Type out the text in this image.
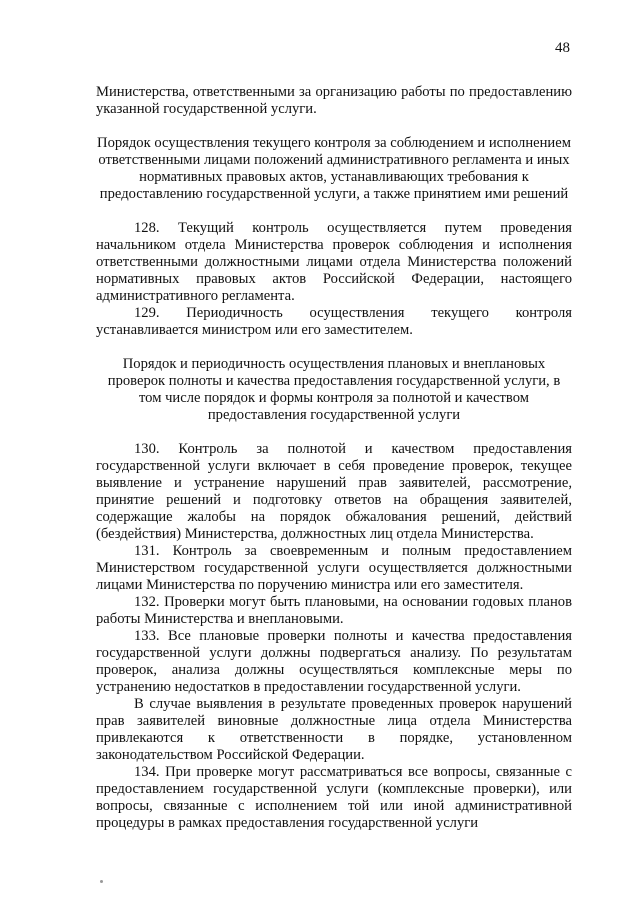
48

Министерства, ответственными за организацию работы по предоставлению указанной государственной услуги.

Порядок осуществления текущего контроля за соблюдением и исполнением ответственными лицами положений административного регламента и иных нормативных правовых актов, устанавливающих требования к предоставлению государственной услуги, а также принятием ими решений

128. Текущий контроль осуществляется путем проведения начальником отдела Министерства проверок соблюдения и исполнения ответственными должностными лицами отдела Министерства положений нормативных правовых актов Российской Федерации, настоящего административного регламента.

129. Периодичность осуществления текущего контроля устанавливается министром или его заместителем.

Порядок и периодичность осуществления плановых и внеплановых проверок полноты и качества предоставления государственной услуги, в том числе порядок и формы контроля за полнотой и качеством предоставления государственной услуги

130. Контроль за полнотой и качеством предоставления государственной услуги включает в себя проведение проверок, текущее выявление и устранение нарушений прав заявителей, рассмотрение, принятие решений и подготовку ответов на обращения заявителей, содержащие жалобы на порядок обжалования решений, действий (бездействия) Министерства, должностных лиц отдела Министерства.

131. Контроль за своевременным и полным предоставлением Министерством государственной услуги осуществляется должностными лицами Министерства по поручению министра или его заместителя.

132. Проверки могут быть плановыми, на основании годовых планов работы Министерства и внеплановыми.

133. Все плановые проверки полноты и качества предоставления государственной услуги должны подвергаться анализу. По результатам проверок, анализа должны осуществляться комплексные меры по устранению недостатков в предоставлении государственной услуги.

В случае выявления в результате проведенных проверок нарушений прав заявителей виновные должностные лица отдела Министерства привлекаются к ответственности в порядке, установленном законодательством Российской Федерации.

134. При проверке могут рассматриваться все вопросы, связанные с предоставлением государственной услуги (комплексные проверки), или вопросы, связанные с исполнением той или иной административной процедуры в рамках предоставления государственной услуги
